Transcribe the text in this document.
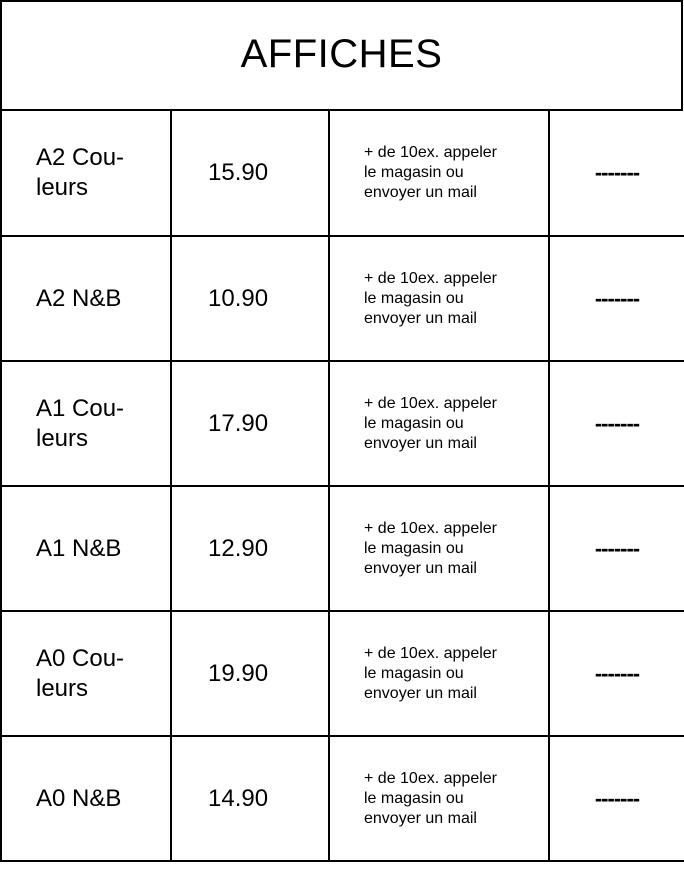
AFFICHES
A2 Cou-
leurs	15.90	+ de 10ex. appeler
le magasin ou
envoyer un mail	-------

A2 N&B	10.90	+ de 10ex. appeler
le magasin ou
envoyer un mail	-------

A1 Cou-
leurs	17.90	+ de 10ex. appeler
le magasin ou
envoyer un mail	-------

A1 N&B	12.90	+ de 10ex. appeler
le magasin ou
envoyer un mail	-------

A0 Cou-
leurs	19.90	+ de 10ex. appeler
le magasin ou
envoyer un mail	-------

A0 N&B	14.90	+ de 10ex. appeler
le magasin ou
envoyer un mail	-------
